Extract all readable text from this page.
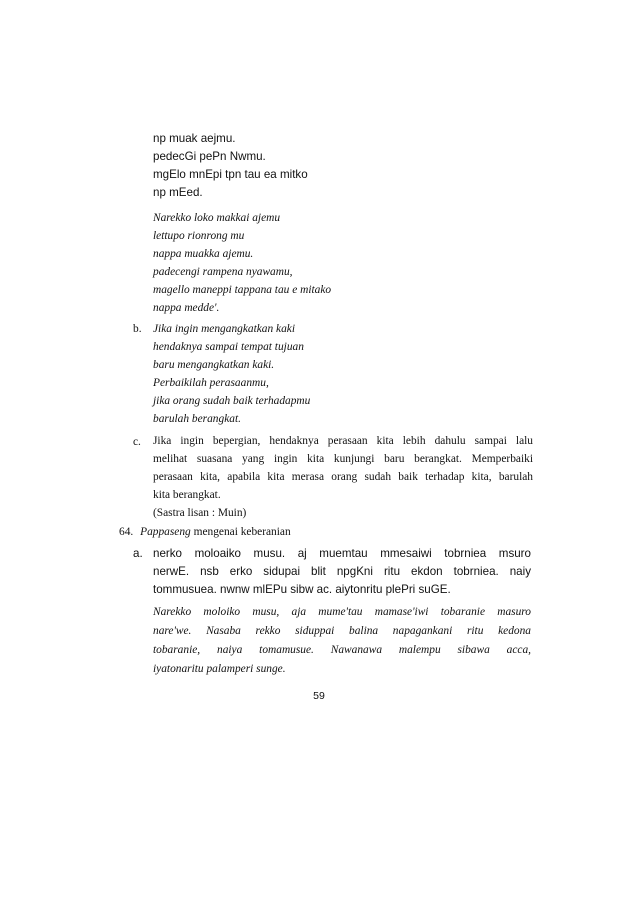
np muak aejmu.
pedecGi pePn Nwmu.
mgElo mnEpi tpn tau ea mitko
np mEed.
Narekko loko makkai ajemu
lettupo rionrong mu
nappa muakka ajemu.
padecengi rampena nyawamu,
magello maneppi tappana tau e mitako
nappa medde'.
b. Jika ingin mengangkatkan kaki
hendaknya sampai tempat tujuan
baru mengangkatkan kaki.
Perbaikilah perasaanmu,
jika orang sudah baik terhadapmu
barulah berangkat.
c. Jika ingin bepergian, hendaknya perasaan kita lebih dahulu sampai lalu
melihat suasana yang ingin kita kunjungi baru berangkat. Memperbaiki
perasaan kita, apabila kita merasa orang sudah baik terhadap kita, barulah
kita berangkat.
(Sastra lisan : Muin)
64. Pappaseng mengenai keberanian
a. nerko moloaiko musu. aj muemtau mmesaiwi tobrniea msuro
nerwE. nsb erko sidupai blit npgKni ritu ekdon tobrniea. naiy
tommusuea. nwnw mlEPu sibw ac. aiytonritu plePri suGE.
Narekko moloiko musu, aja mume'tau mamase'iwi tobaranie masuro
nare'we. Nasaba rekko siduppai balina napagankani ritu kedona
tobaranie, naiya tomamusue. Nawanawa malempu sibawa acca,
iyatonaritu palamperi sunge.
59
